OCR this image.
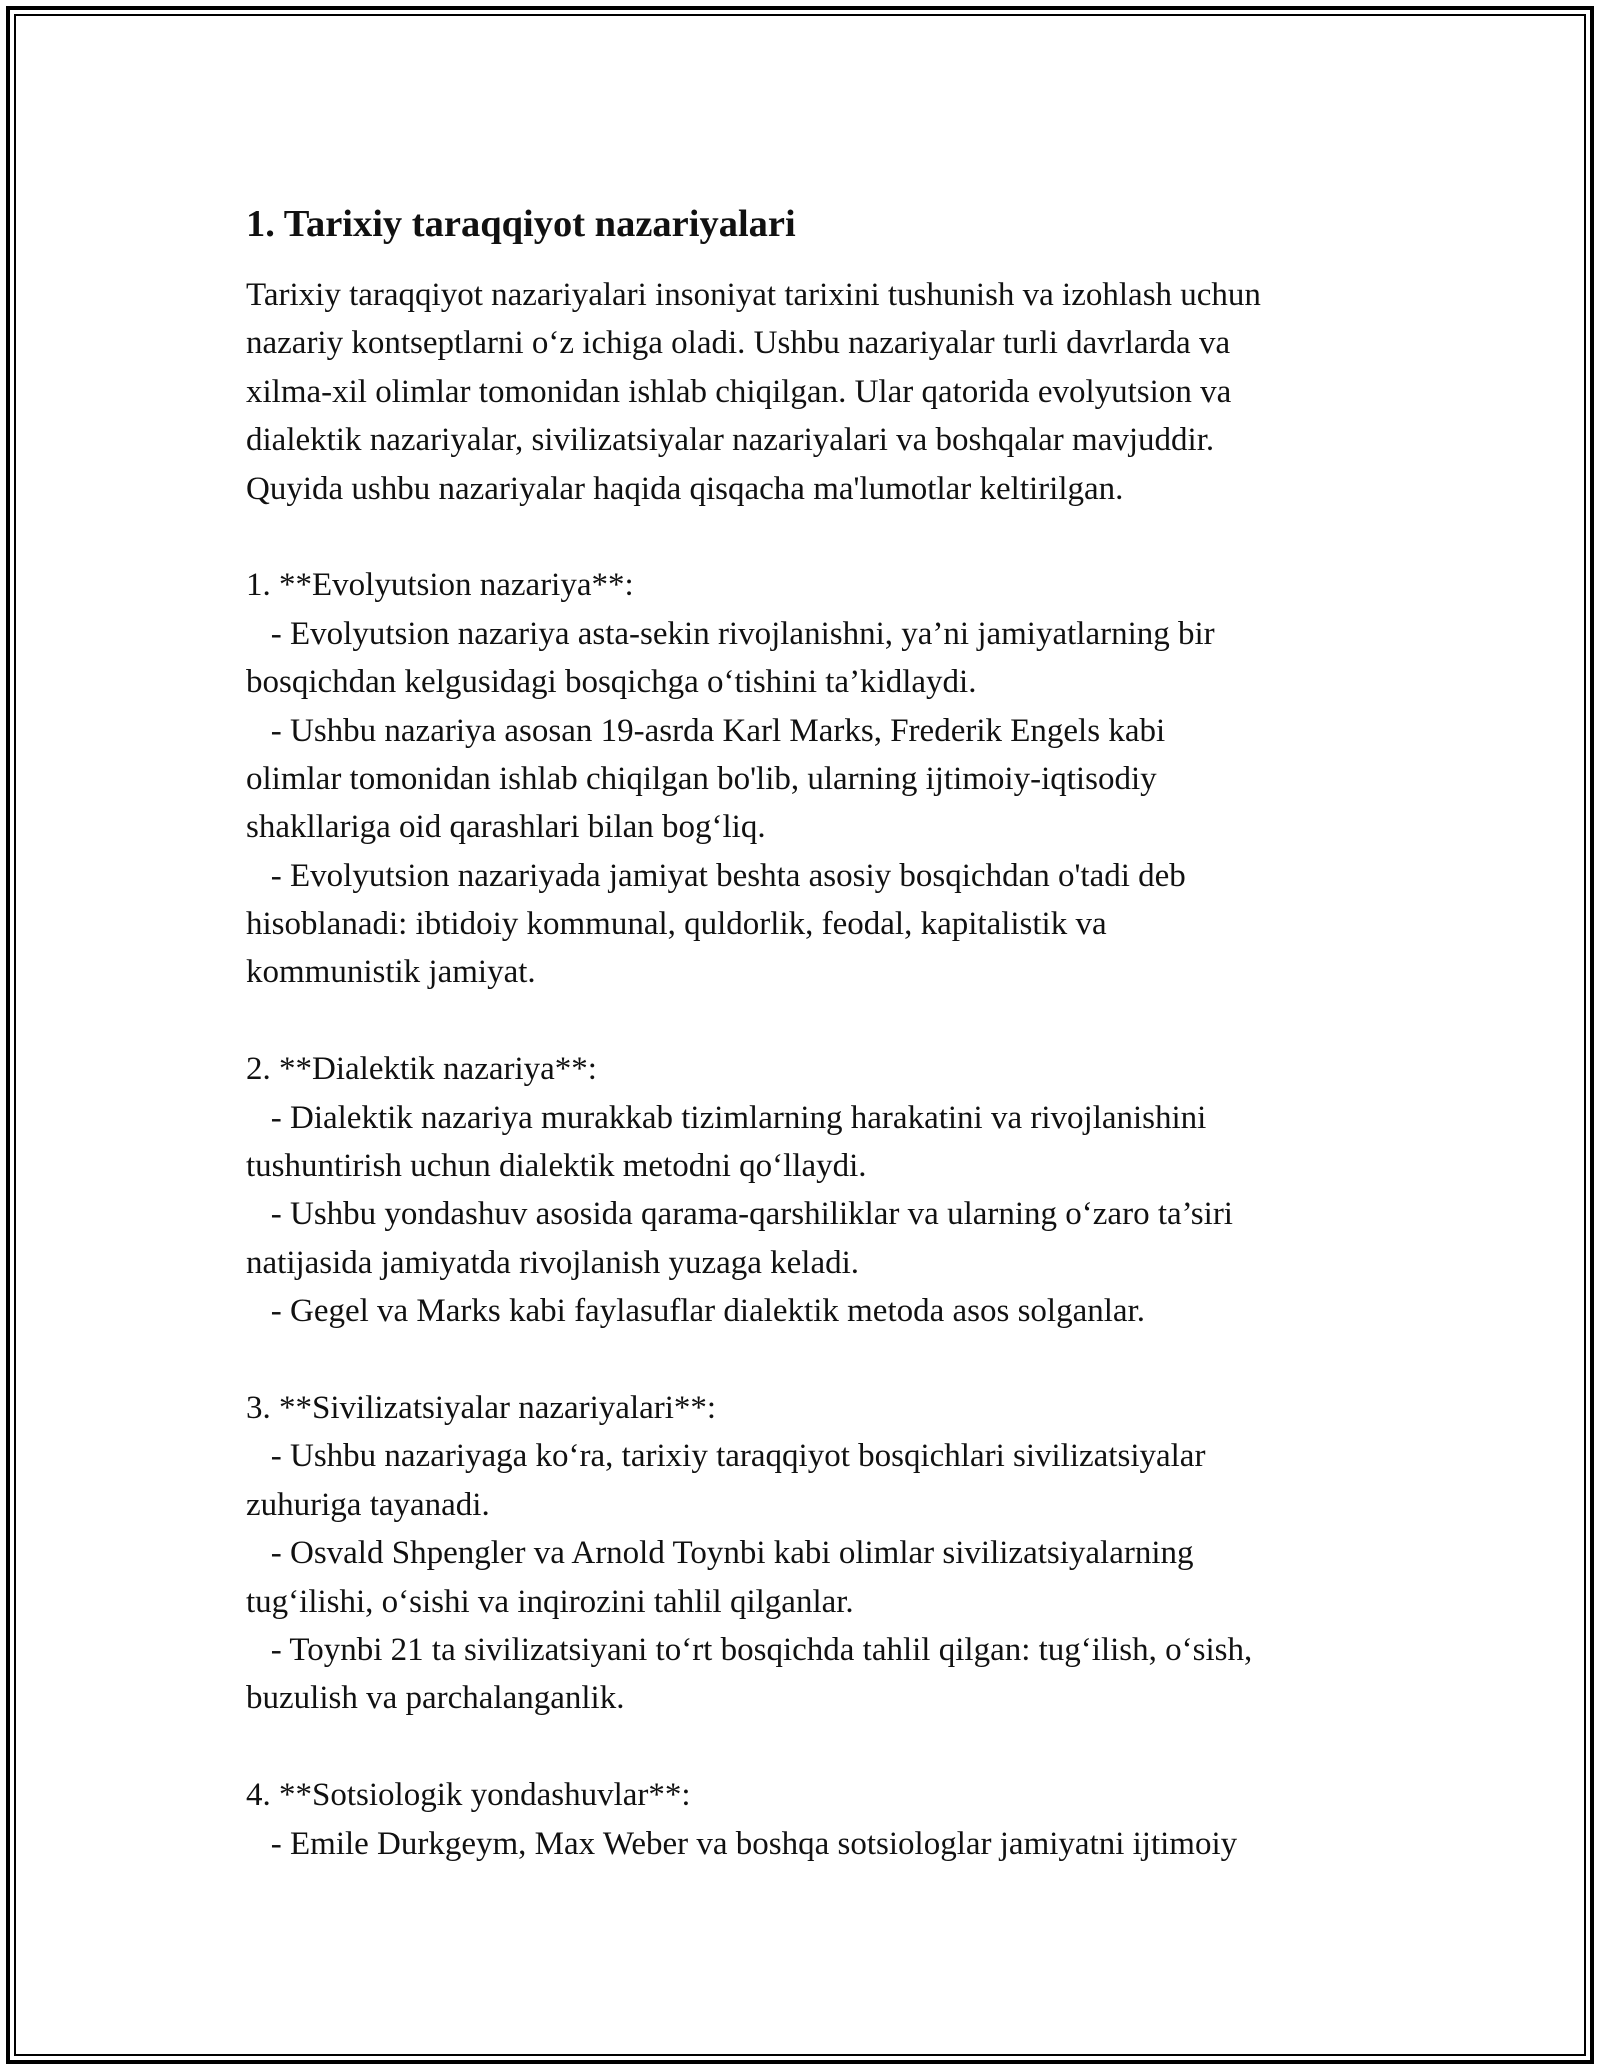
1. Tarixiy taraqqiyot nazariyalari
Tarixiy taraqqiyot nazariyalari insoniyat tarixini tushunish va izohlash uchun
nazariy kontseptlarni o‘z ichiga oladi. Ushbu nazariyalar turli davrlarda va
xilma-xil olimlar tomonidan ishlab chiqilgan. Ular qatorida evolyutsion va
dialektik nazariyalar, sivilizatsiyalar nazariyalari va boshqalar mavjuddir.
Quyida ushbu nazariyalar haqida qisqacha ma'lumotlar keltirilgan.
1. **Evolyutsion nazariya**:
- Evolyutsion nazariya asta-sekin rivojlanishni, ya’ni jamiyatlarning bir
bosqichdan kelgusidagi bosqichga o‘tishini ta’kidlaydi.
- Ushbu nazariya asosan 19-asrda Karl Marks, Frederik Engels kabi
olimlar tomonidan ishlab chiqilgan bo'lib, ularning ijtimoiy-iqtisodiy
shakllariga oid qarashlari bilan bog‘liq.
- Evolyutsion nazariyada jamiyat beshta asosiy bosqichdan o'tadi deb
hisoblanadi: ibtidoiy kommunal, quldorlik, feodal, kapitalistik va
kommunistik jamiyat.
2. **Dialektik nazariya**:
- Dialektik nazariya murakkab tizimlarning harakatini va rivojlanishini
tushuntirish uchun dialektik metodni qo‘llaydi.
- Ushbu yondashuv asosida qarama-qarshiliklar va ularning o‘zaro ta’siri
natijasida jamiyatda rivojlanish yuzaga keladi.
- Gegel va Marks kabi faylasuflar dialektik metoda asos solganlar.
3. **Sivilizatsiyalar nazariyalari**:
- Ushbu nazariyaga ko‘ra, tarixiy taraqqiyot bosqichlari sivilizatsiyalar
zuhuriga tayanadi.
- Osvald Shpengler va Arnold Toynbi kabi olimlar sivilizatsiyalarning
tug‘ilishi, o‘sishi va inqirozini tahlil qilganlar.
- Toynbi 21 ta sivilizatsiyani to‘rt bosqichda tahlil qilgan: tug‘ilish, o‘sish,
buzulish va parchalanganlik.
4. **Sotsiologik yondashuvlar**:
- Emile Durkgeym, Max Weber va boshqa sotsiologlar jamiyatni ijtimoiy
